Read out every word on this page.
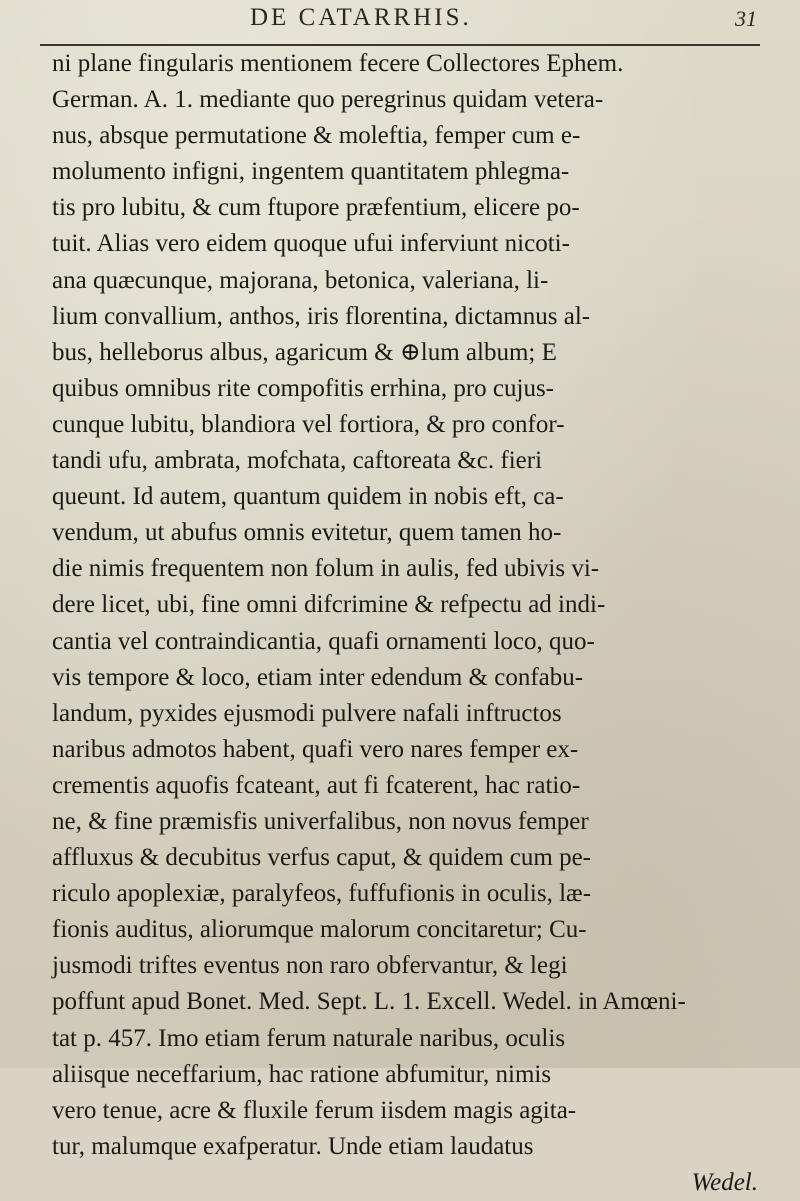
DE CATARRHIS.	31
ni plane fingularis mentionem fecere Collectores Ephem.
German. A. 1. mediante quo peregrinus quidam vetera-
nus, absque permutatione & moleftia, femper cum e-
molumento infigni, ingentem quantitatem phlegma-
tis pro lubitu, & cum ftupore præfentium, elicere po-
tuit. Alias vero eidem quoque ufui inferviunt nicoti-
ana quæcunque, majorana, betonica, valeriana, li-
lium convallium, anthos, iris florentina, dictamnus al-
bus, helleborus albus, agaricum & ⊕lum album; E
quibus omnibus rite compofitis errhina, pro cujus-
cunque lubitu, blandiora vel fortiora, & pro confor-
tandi ufu, ambrata, mofchata, caftoreata &c. fieri
queunt. Id autem, quantum quidem in nobis eft, ca-
vendum, ut abufus omnis evitetur, quem tamen ho-
die nimis frequentem non folum in aulis, fed ubivis vi-
dere licet, ubi, fine omni difcrimine & refpectu ad indi-
cantia vel contraindicantia, quafi ornamenti loco, quo-
vis tempore & loco, etiam inter edendum & confabu-
landum, pyxides ejusmodi pulvere nafali inftructos
naribus admotos habent, quafi vero nares femper ex-
crementis aquofis fcateant, aut fi fcaterent, hac ratio-
ne, & fine præmisfis univerfalibus, non novus femper
affluxus & decubitus verfus caput, & quidem cum pe-
riculo apoplexiæ, paralyfeos, fuffufionis in oculis, læ-
fionis auditus, aliorumque malorum concitaretur; Cu-
jusmodi triftes eventus non raro obfervantur, & legi
poffunt apud Bonet. Med. Sept. L. 1. Excell. Wedel. in Amœni-
tat p. 457. Imo etiam ferum naturale naribus, oculis
aliisque neceffarium, hac ratione abfumitur, nimis
vero tenue, acre & fluxile ferum iisdem magis agita-
tur, malumque exafperatur. Unde etiam laudatus
Wedel.
